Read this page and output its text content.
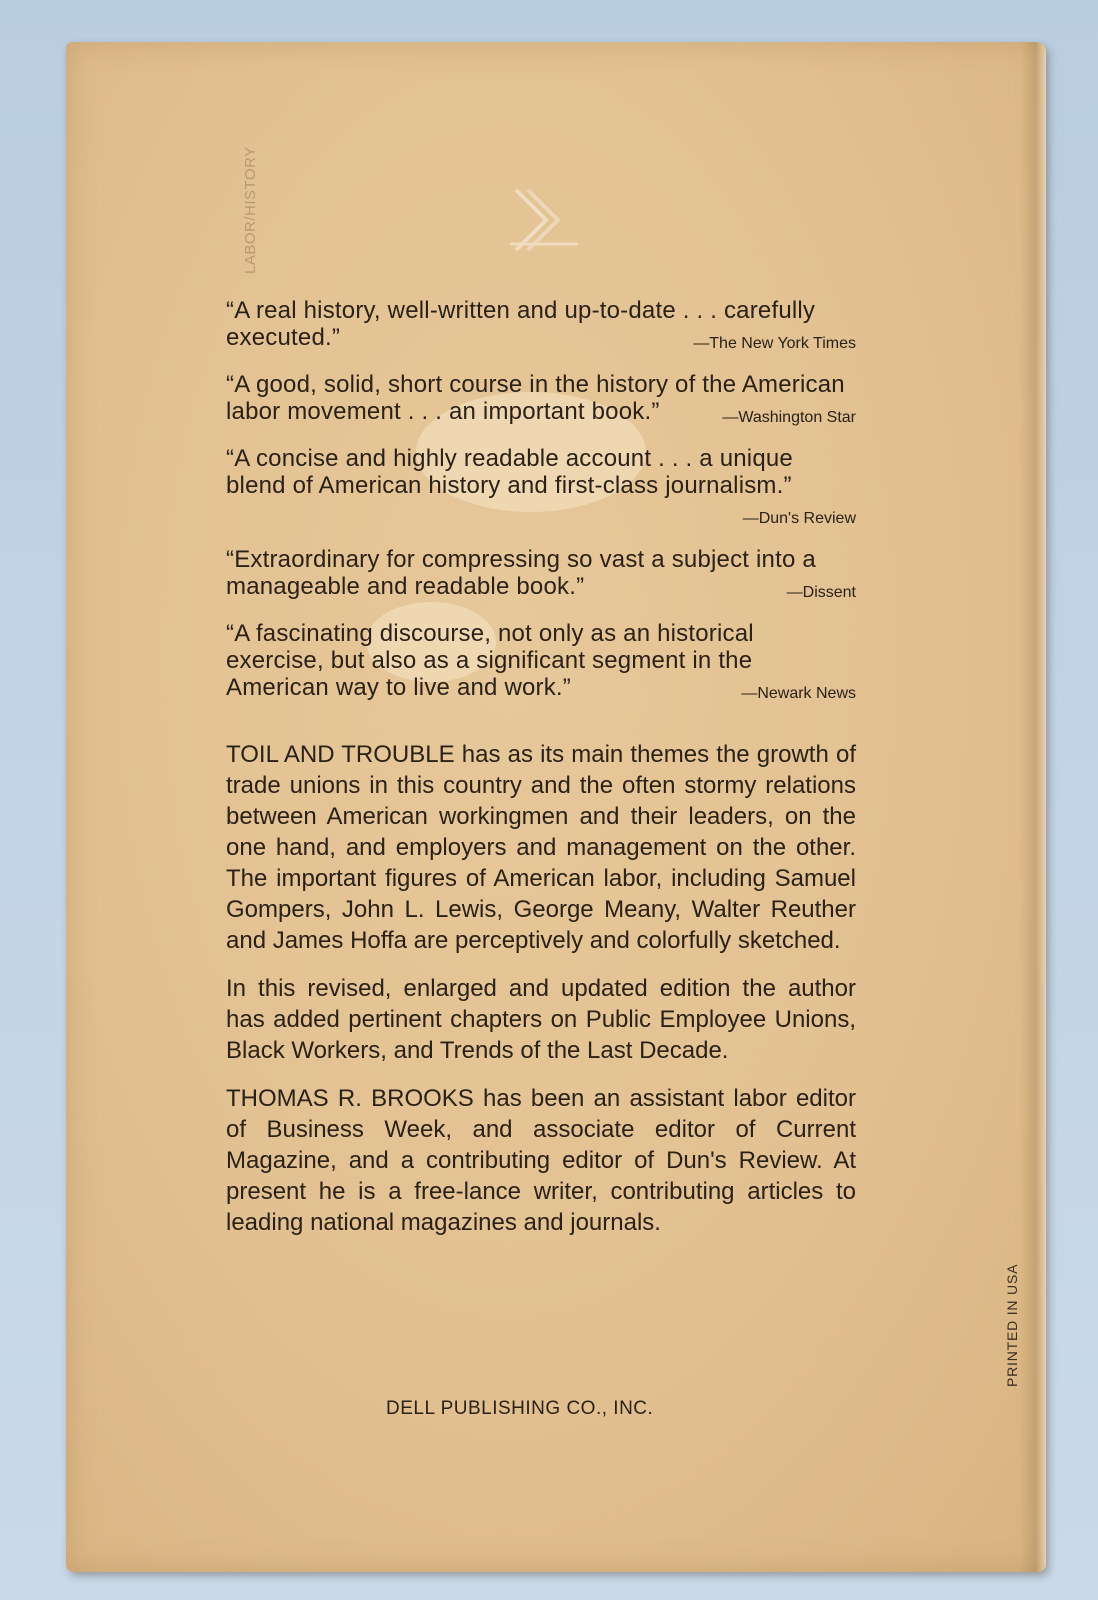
LABOR/HISTORY
“A real history, well-written and up-to-date . . . carefully executed.”	—The New York Times
“A good, solid, short course in the history of the American labor movement . . . an important book.”	—Washington Star
“A concise and highly readable account . . . a unique blend of American history and first-class journalism.”
—Dun's Review
“Extraordinary for compressing so vast a subject into a manageable and readable book.”	—Dissent
“A fascinating discourse, not only as an historical exercise, but also as a significant segment in the American way to live and work.”	—Newark News

TOIL AND TROUBLE has as its main themes the growth of trade unions in this country and the often stormy relations between American workingmen and their leaders, on the one hand, and employers and management on the other. The important figures of American labor, including Samuel Gompers, John L. Lewis, George Meany, Walter Reuther and James Hoffa are perceptively and colorfully sketched.

In this revised, enlarged and updated edition the author has added pertinent chapters on Public Employee Unions, Black Workers, and Trends of the Last Decade.

THOMAS R. BROOKS has been an assistant labor editor of Business Week, and associate editor of Current Magazine, and a contributing editor of Dun's Review. At present he is a free-lance writer, contributing articles to leading national magazines and journals.

DELL PUBLISHING CO., INC.
PRINTED IN USA
